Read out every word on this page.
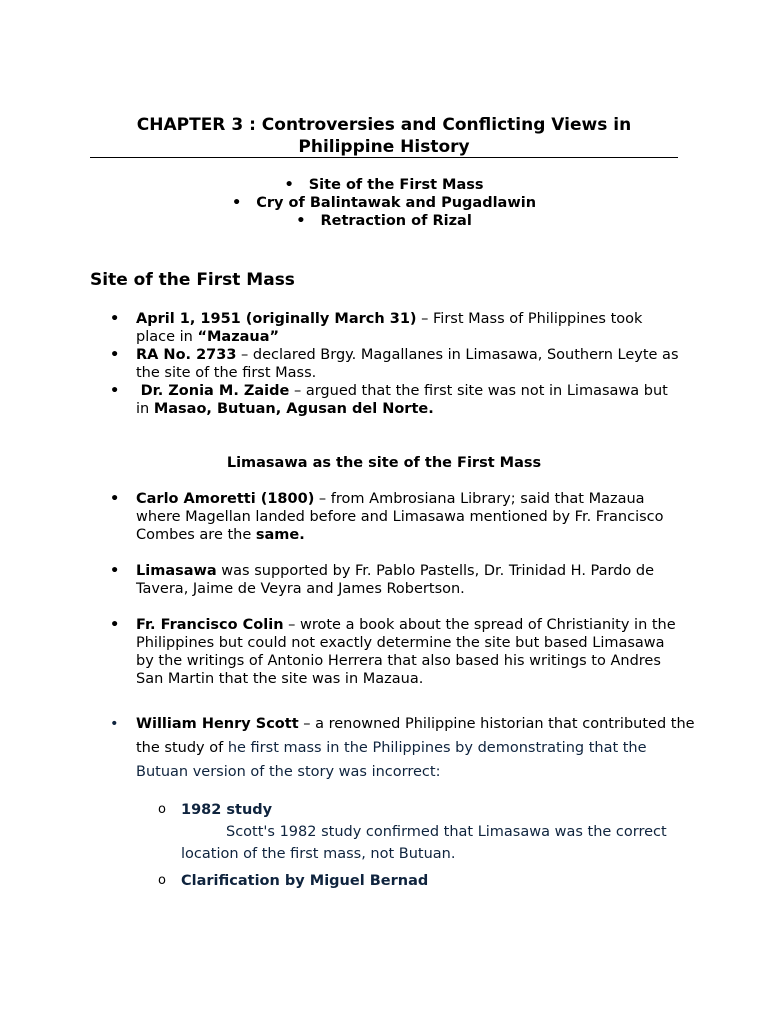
CHAPTER 3 : Controversies and Conflicting Views in
Philippine History
• Site of the First Mass
• Cry of Balintawak and Pugadlawin
• Retraction of Rizal
Site of the First Mass
• April 1, 1951 (originally March 31) – First Mass of Philippines took place in “Mazaua”
• RA No. 2733 – declared Brgy. Magallanes in Limasawa, Southern Leyte as the site of the first Mass.
• Dr. Zonia M. Zaide – argued that the first site was not in Limasawa but in Masao, Butuan, Agusan del Norte.
Limasawa as the site of the First Mass
• Carlo Amoretti (1800) – from Ambrosiana Library; said that Mazaua where Magellan landed before and Limasawa mentioned by Fr. Francisco Combes are the same.
• Limasawa was supported by Fr. Pablo Pastells, Dr. Trinidad H. Pardo de Tavera, Jaime de Veyra and James Robertson.
• Fr. Francisco Colin – wrote a book about the spread of Christianity in the Philippines but could not exactly determine the site but based Limasawa by the writings of Antonio Herrera that also based his writings to Andres San Martin that the site was in Mazaua.
• William Henry Scott – a renowned Philippine historian that contributed the the study of he first mass in the Philippines by demonstrating that the Butuan version of the story was incorrect:
o 1982 study
Scott's 1982 study confirmed that Limasawa was the correct location of the first mass, not Butuan.
o Clarification by Miguel Bernad
